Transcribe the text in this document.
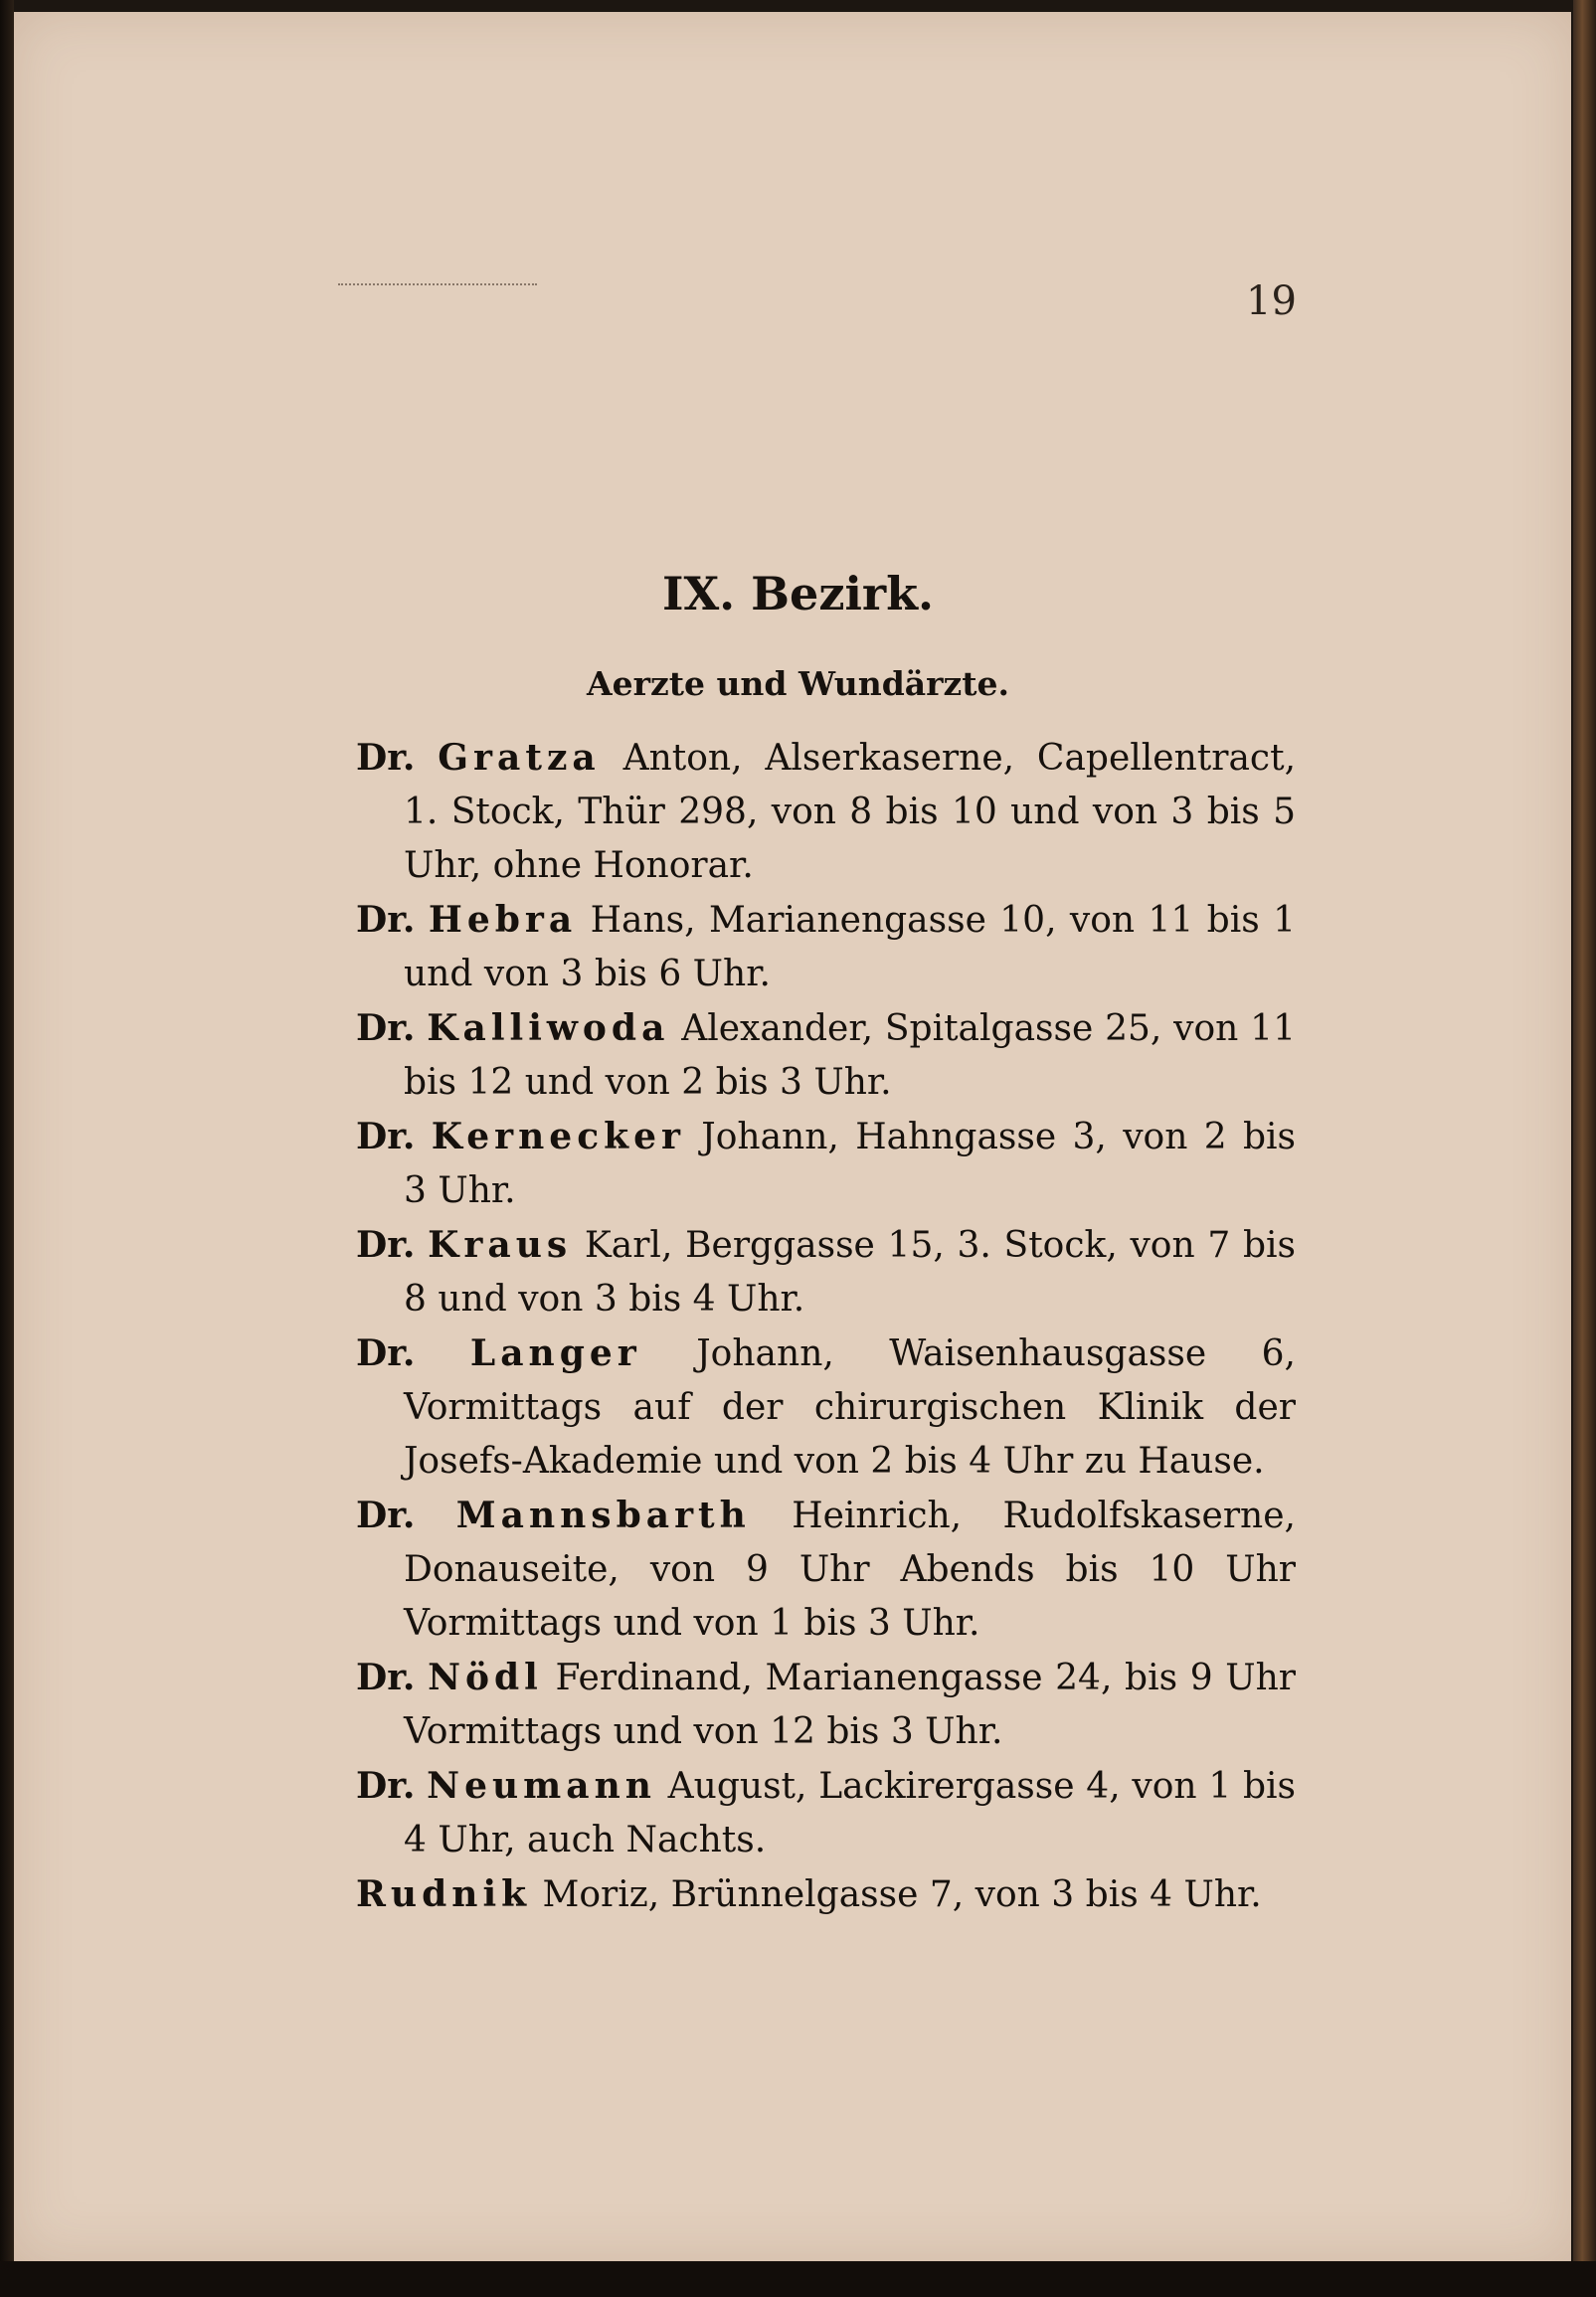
19
IX. Bezirk.
Aerzte und Wundärzte.

Dr. Gratza Anton, Alserkaserne, Capellentract, 1. Stock, Thür 298, von 8 bis 10 und von 3 bis 5 Uhr, ohne Honorar.

Dr. Hebra Hans, Marianengasse 10, von 11 bis 1 und von 3 bis 6 Uhr.

Dr. Kalliwoda Alexander, Spitalgasse 25, von 11 bis 12 und von 2 bis 3 Uhr.

Dr. Kernecker Johann, Hahngasse 3, von 2 bis 3 Uhr.

Dr. Kraus Karl, Berggasse 15, 3. Stock, von 7 bis 8 und von 3 bis 4 Uhr.

Dr. Langer Johann, Waisenhausgasse 6, Vormittags auf der chirurgischen Klinik der Josefs-Akademie und von 2 bis 4 Uhr zu Hause.

Dr. Mannsbarth Heinrich, Rudolfskaserne, Donauseite, von 9 Uhr Abends bis 10 Uhr Vormittags und von 1 bis 3 Uhr.

Dr. Nödl Ferdinand, Marianengasse 24, bis 9 Uhr Vormittags und von 12 bis 3 Uhr.

Dr. Neumann August, Lackirergasse 4, von 1 bis 4 Uhr, auch Nachts.

Rudnik Moriz, Brünnelgasse 7, von 3 bis 4 Uhr.
